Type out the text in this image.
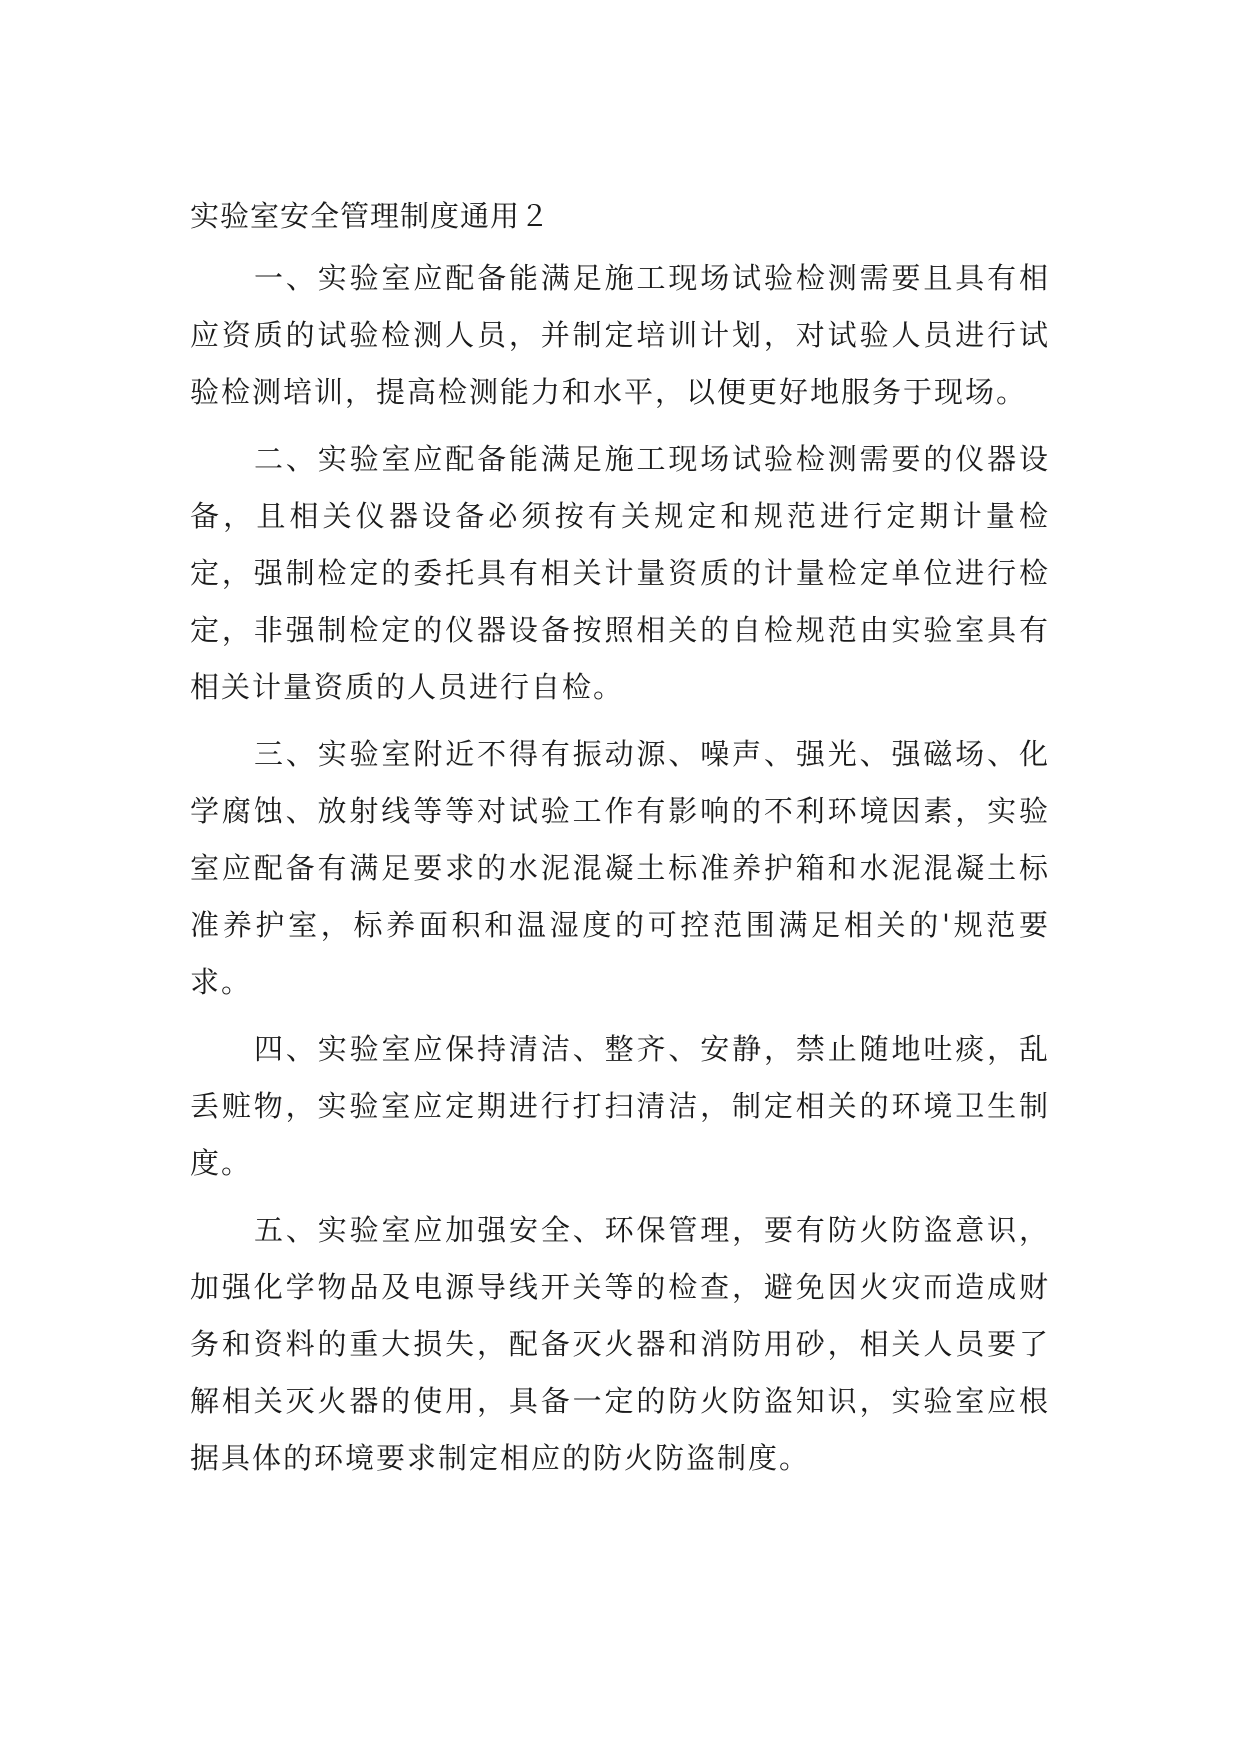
实验室安全管理制度通用２

一、实验室应配备能满足施工现场试验检测需要且具有相应资质的试验检测人员，并制定培训计划，对试验人员进行试验检测培训，提高检测能力和水平，以便更好地服务于现场。

二、实验室应配备能满足施工现场试验检测需要的仪器设备，且相关仪器设备必须按有关规定和规范进行定期计量检定，强制检定的委托具有相关计量资质的计量检定单位进行检定，非强制检定的仪器设备按照相关的自检规范由实验室具有相关计量资质的人员进行自检。

三、实验室附近不得有振动源、噪声、强光、强磁场、化学腐蚀、放射线等等对试验工作有影响的不利环境因素，实验室应配备有满足要求的水泥混凝土标准养护箱和水泥混凝土标准养护室，标养面积和温湿度的可控范围满足相关的'规范要求。

四、实验室应保持清洁、整齐、安静，禁止随地吐痰，乱丢赃物，实验室应定期进行打扫清洁，制定相关的环境卫生制度。

五、实验室应加强安全、环保管理，要有防火防盗意识，加强化学物品及电源导线开关等的检查，避免因火灾而造成财务和资料的重大损失，配备灭火器和消防用砂，相关人员要了解相关灭火器的使用，具备一定的防火防盗知识，实验室应根据具体的环境要求制定相应的防火防盗制度。
